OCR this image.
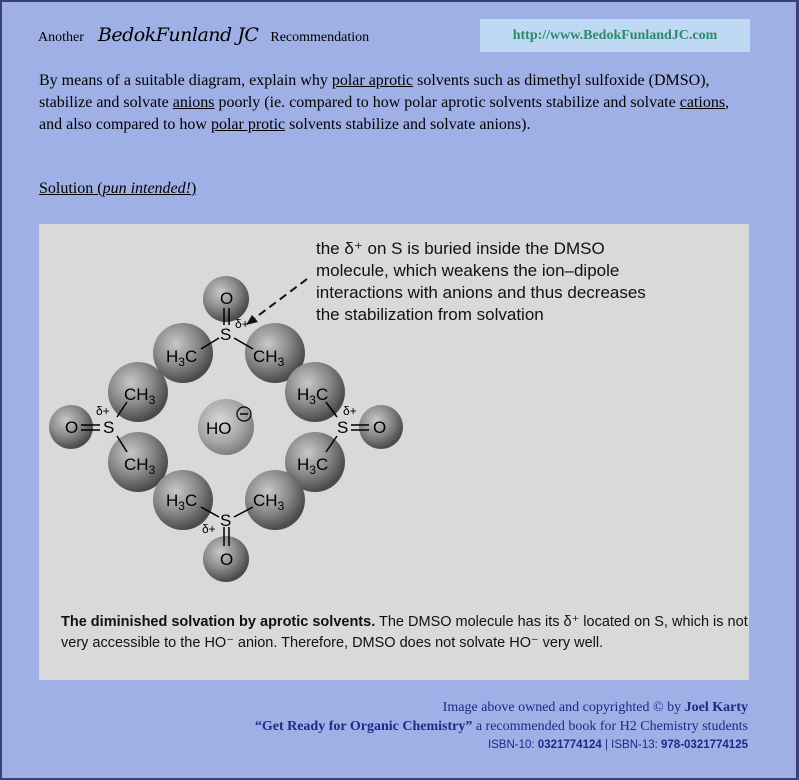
Another BedokFunland JC Recommendation	http://www.BedokFunlandJC.com
By means of a suitable diagram, explain why polar aprotic solvents such as dimethyl sulfoxide (DMSO), stabilize and solvate anions poorly (ie. compared to how polar aprotic solvents stabilize and solvate cations, and also compared to how polar protic solvents stabilize and solvate anions).
Solution (pun intended!)
O
S
δ+
$H_3C$	$CH_3$
O S
δ+
$CH_3$
$CH_3$
HO	S O
δ+
$H_3C$
$H_3C$
S
δ+
O
$H_3C$	$CH_3$
the δ⁺ on S is buried inside the DMSO
molecule, which weakens the ion–dipole
interactions with anions and thus decreases
the stabilization from solvation
The diminished solvation by aprotic solvents. The DMSO molecule has its δ⁺ located on S, which is not very accessible to the HO⁻ anion. Therefore, DMSO does not solvate HO⁻ very well.
Image above owned and copyrighted © by Joel Karty
“Get Ready for Organic Chemistry” a recommended book for H2 Chemistry students
ISBN-10: 0321774124 | ISBN-13: 978-0321774125
